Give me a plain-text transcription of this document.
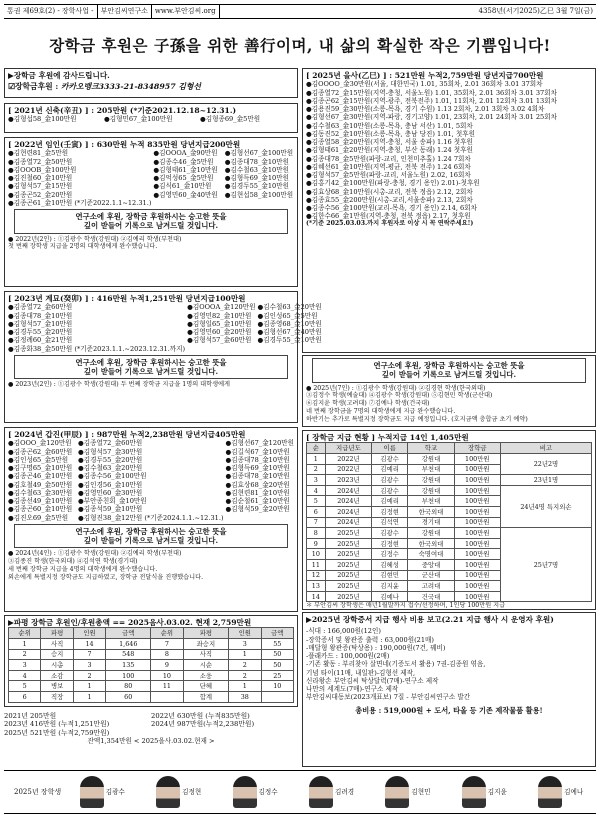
통권 제69호(2) - 장학사업 -	부안김씨연구소	www.부안김씨.org	4358년(서기2025)乙巳 3월 7일(금)
장학금 후원은 子孫을 위한 善行이며, 내 삶의 확실한 작은 기쁨입니다!
▶장학금 후원에 감사드립니다.
☑장학금후원 : 카카오뱅크3333-21-8348957 김형선
[ 2021년 신축(辛丑) ] : 205만원 (*기준2021.12.18~12.31.)
●김형섭58_金100만원	●김형민67_金100만원	●김형종69_金5만원
[ 2022년 임인(壬寅) ] : 630만원 누적 835만원 당년지급200만원
●김현련81_金5만원	●김OOOA_金90만원	●김형선67_金100만원
●김종열72_金50만원	●김종수46_金5만원	●김종대78_金10만원
●김OOOB_金100만원	●김형태61_金10만원	●김수철63_金10만원
●김진철60_金10만원	●김억성65_金5만원	●김형득69_金10만원
●김형석57_金15만원	●김식61_金10만원	●김경두55_金10만원
●김종곤52_金20만원	●김영민60_金40만원	●김현섭58_金100만원
●김종곤61_金10만원 (*기준2022.1.1~12.31.)
연구소에 후원, 장학금 후원하시는 숭고한 뜻을
깊이 받들어 기록으로 남겨드릴 것입니다.
● 2022년(2인) : ①김광수 학생(강원대) ②김예리 학생(부천대)
첫 번째 장학생 지급을 2명의 대학생에게 완수했습니다.
[ 2023년 계묘(癸卯) ] : 416만원 누적1,251만원 당년지급100만원
●김종열72_金60만원	●김OOOA_金120만원 ●김수철63_金20만원
●김종대78_金10만원	●김영민82_金10만원 ●김인성65_金5만원
●김형석57_金10만원	●김형일65_金10만원 ●김종영68_金10만원
●김경두55_金20만원	●김영민60_金20만원 ●김형선67_金40만원
●김정례60_金21만원	●김형석57_金60만원 ●김경두55_金10만원
●김종화38_金50만원 (*기준2023.1.1.~2023.12.31.까지)
연구소에 후원, 장학금 후원하시는 숭고한 뜻을
깊이 받들어 기록으로 남겨드릴 것입니다.
● 2023년(2인) : ①김광수 학생(강원대) 두 번째 장학금 지급을 1명의 대학생에게
[ 2024년 갑진(甲辰) ] : 987만원 누적2,238만원 당년지급405만원
●김OOO_金120만원 ●김종열72_金60만원	●김형선67_金120만원
●김종곤62_金60만원 ●김형석57_金30만원	●김길석67_金10만원
●김인성65_金5만원	●김경두55_金20만원	●김종대78_金10만원
●김구명65_金10만원 ●김수철63_金20만원	●김형득69_金10만원
●김종곤46_金10만원 ●김종수56_金100만원	●김종대78_金10만원
●김호철49_金50만원 ●김인경56_金10만원	●김효상68_金20만원
●김수철63_金30만원 ●김영민60_金30만원	●김현련81_金10만원
●김종선49_金10만원 ●부안종친회_金10만원	●김순철61_金10만원
●김종곤60_金10만원 ●김종석59_金10만원	●김형석59_金20만원
●김진오69_金5만원	●김형진38_金12만원 (*기준2024.1.1.~12.31.)
연구소에 후원, 장학금 후원하시는 숭고한 뜻을
깊이 받들어 기록으로 남겨드릴 것입니다.
● 2024년(4인) : ①김광수 학생(강원대) ②김예리 학생(부천대)
③김종진 학생(한국외대) ④김석연 학생(경기대)
세 번째 장학금 지급을 4명의 대학생에게 완수했습니다.
외손에게 특별지정 장학금도 지급하였고, 장학금 전달식을 진행했습니다.
▶파평 장학금 후원인/후원총액 == 2025음사.03.02. 현재 2,759만원
순위	파평	인원	금액	순위	파평	인원	금액
1	사직	14	1,646	7	좌승지	3	55
2	승지	7	548	8	사직	1	50
3	시총	3	135	9	시순	2	50
4	소감	2	100	10	소웅	2	25
5	병보	1	80	11	단혜	1	10
6	직장	1	60		합계	38	
2021년 205만원	2022년 630만원 (누적835만원)
2023년 416만원 (누적1,251만원)	2024년 987만원(누적2,238만원)
2025년 521만원 (누적2,759만원)
잔액1,354만원 < 2025을사.03.02.현재 >
[ 2025년 을사(乙巳) ] : 521만원 누적2,759만원 당년지급700만원
●김OOOO_金30만원(서울, 대한민국) 1.01, 35회차, 2.01 36회차 3.01 37회차
●김종열72_金15만원(지역-충청, 서울노원) 1.01, 35회차, 2.01 36회차 3.01 37회차
●김종곤62_金15만원(지역-광주, 전북전주) 1.01, 11회차, 2.01 12회차 3.01 13회차
●김용진59_金30만원(소릉-목욕, 경기 수원) 1.13 2회차, 2.01 3회차 3.02 4회차
●김형선67_金30만원(지역-파랑, 경기고양) 1.01, 23회차, 2.01 24회차 3.01 25회차
●김수철63_金10만원(소릉-목욕, 충남 서산) 1.01, 5회차
●김동진52_金10만원(소릉-목욕, 충남 당진) 1.01, 첫후원
●김종열58_金20만원(지역-충청, 서울 송파) 1.16 첫후원
●김형태61_金20만원(지역-충청, 부산 동래) 1.24 첫후원
●김종대78_金5만원(파랑-교리, 인천미추홀) 1.24 7회차
●김혜선61_金10만원(지역-평균, 전북 전주) 1.24 6회차
●김형석57_金5만원(파랑-교리, 서울노원) 2.02, 16회차
●김홍기42_金100만원(파랑-충청, 경기 용인) 2.01)-첫후원
●김효상68_金10만원(시총-교리, 전북 정읍) 2.12, 2회차
●김종효55_金200만원(시총-교리,서울송파) 2.13, 2회차
●김종수56_金100만원(교리-목욕, 경기 용인) 2.14, 6회차
●김한수66_金1만원(지역-충청, 전북 정읍) 2.17, 첫후원
(*기준 2025.03.03.까지 후원자로 이상 시 꼭 연락주세요!)
연구소에 후원, 장학금 후원하시는 숭고한 뜻을
깊이 받들어 기록으로 남겨드릴 것입니다.
● 2025년(7인) : ①김광수 학생(강원대) ②김경현 학생(한국외대)
③김정수 학생(예술대) ④김광수 학생(강원대) ⑤김현민 학생(군산대)
⑥김지윤 학생(고려대) ⑦김예나 학생(건국대)
네 번째 장학금을 7명의 대학생에게 지급 완수했습니다.
하반기는 추가로 특별지정 장학금도 지급 예정입니다. (호지금액 충합금 초기 예약)
[ 장학금 지급 현황 ] 누적지급 14인 1,405만원
순	지급년도	이름	학교	장학금	비고
1	2022년	김광수	강원대	100만원	22년2명
2	2022년	김예리	부천대	100만원	
3	2023년	김광수	강원대	100만원	23년1명
4	2024년	김광수	강원대	100만원	24년4명 특지외손
5	2024년	김예리	부천대	100만원	
6	2024년	김정현	한국외대	100만원	
7	2024년	김석연	경기대	100만원	
8	2025년	김광수	강원대	100만원	25년7명
9	2025년	김정현	한국외대	100만원	
10	2025년	김정수	숙명여대	100만원	
11	2025년	김혜성	중앙대	100만원	
12	2025년	김현민	군산대	100만원	
13	2025년	김지윤	고려대	100만원	
14	2025년	김예나	건국대	100만원	
＊ 부안김씨 장학생은 매년1월말까지 접수/선정하며, 1인당 100만원 지급
▶2025년 장학증서 지급 행사 비용 보고(2.21 지급 행사 시 운영자 후원)
-식대 : 166,000원(12인)
-장학증서 및 왕관증 출력 : 63,000원(21매)
-매달형 왕관증(탁상용) : 190,000원(7건, 꿰비)
-플래카드 : 100,000원(2매)
-기존 활동 : 부리찾아 살면네(기증도서 활용) 7권-김종원 엮음,
기념 타이(11매, 내일판)-김형선 제작,
신라왕손 부안김씨 탁상달력(7매)-연구소 제작
나만의 세계도(7매)-연구소 제작
부안김씨대동보(2023개표보) 7질 - 부안김씨연구소 발간
총비용 : 519,000원 + 도서, 타올 등 기존 제작물품 활용!
2025년 장학생	김광수	김정현	김정수	김려경	김현민	김지윤	김예나
